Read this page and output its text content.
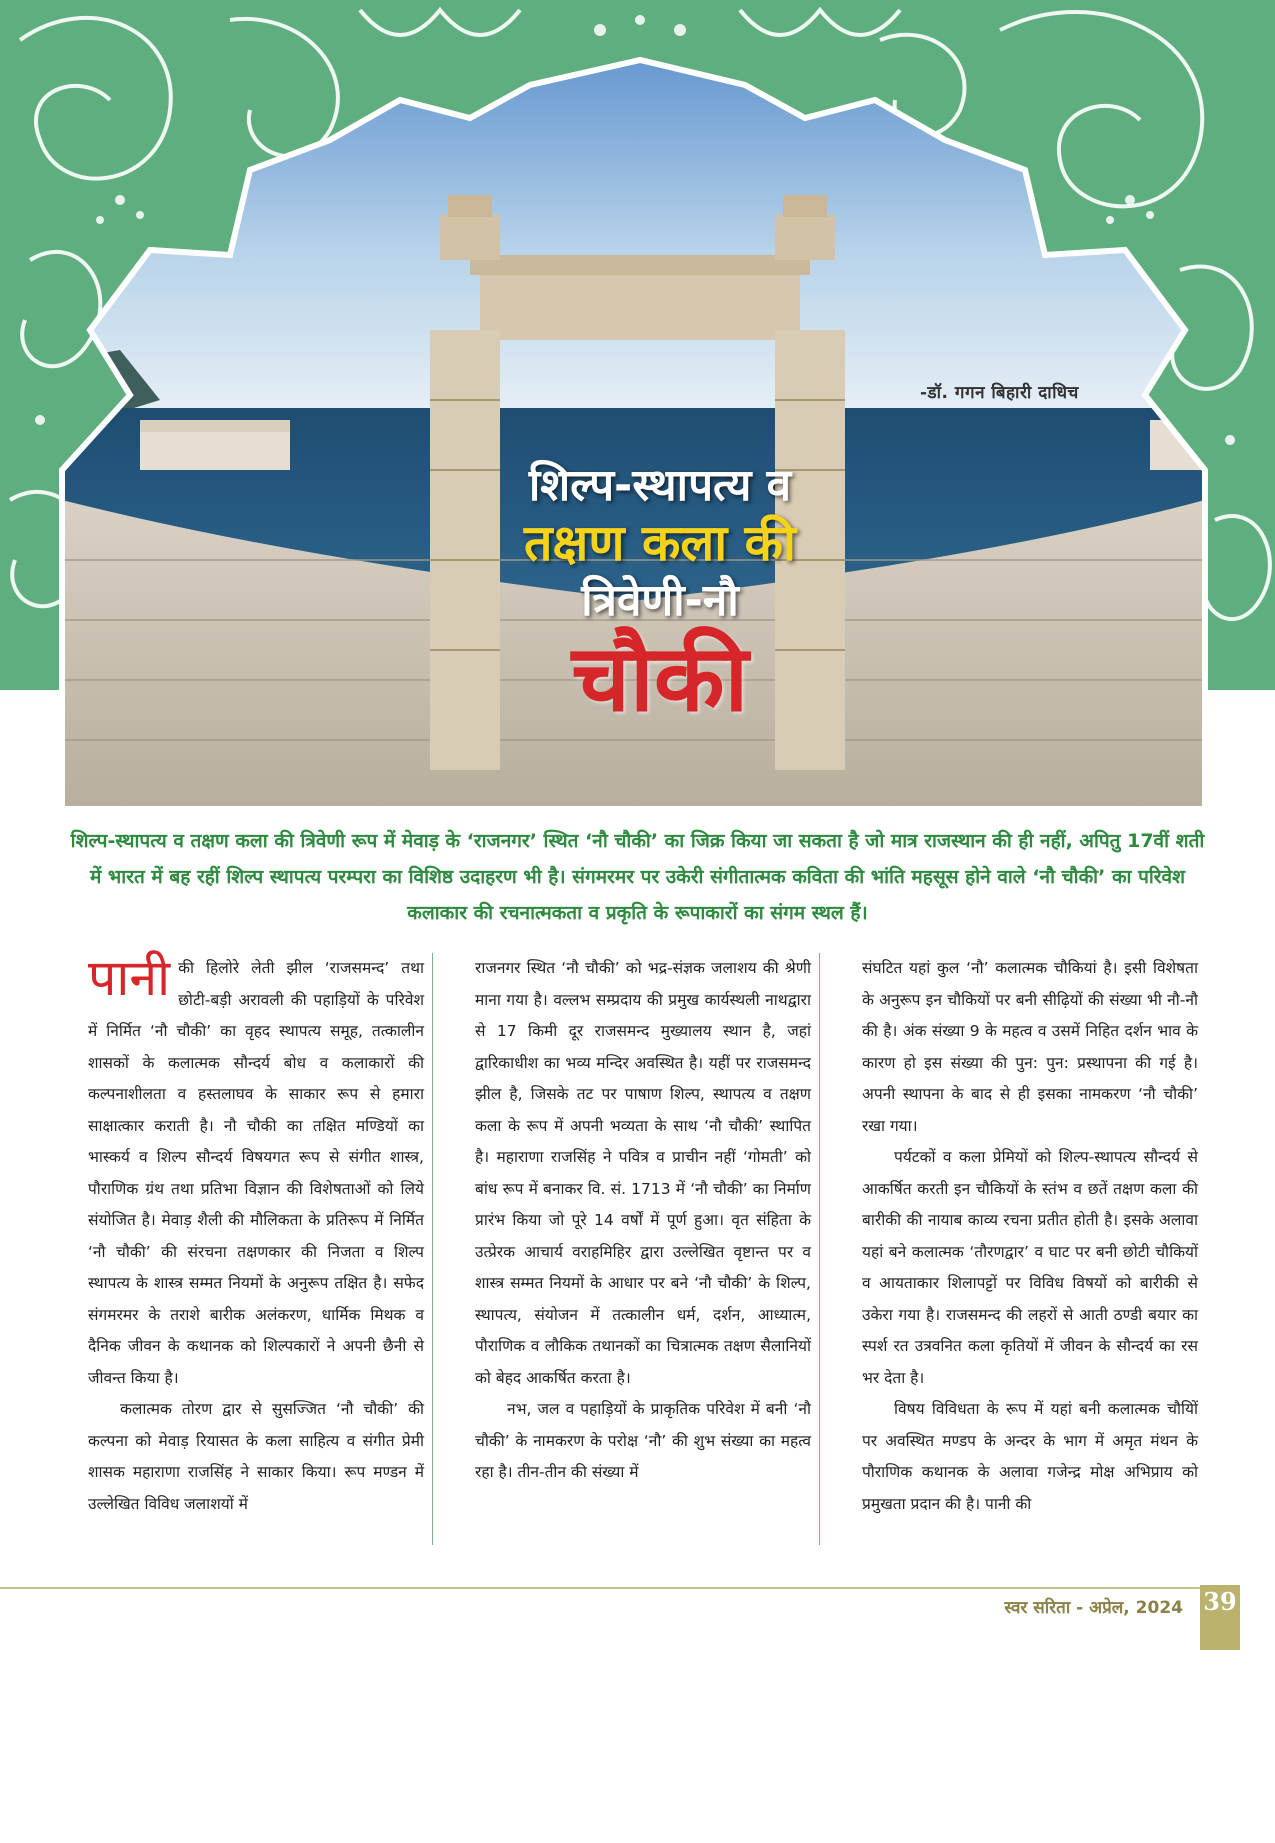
-डॉ. गगन बिहारी दाधिच
शिल्प-स्थापत्य व
तक्षण कला की
त्रिवेणी-नौ
चौकी
शिल्प-स्थापत्य व तक्षण कला की त्रिवेणी रूप में मेवाड़ के ‘राजनगर’ स्थित ‘नौ चौकी’ का जिक्र किया जा सकता है जो मात्र राजस्थान की ही नहीं, अपितु 17वीं शती में भारत में बह रहीं शिल्प स्थापत्य परम्परा का विशिष्ठ उदाहरण भी है। संगमरमर पर उकेरी संगीतात्मक कविता की भांति महसूस होने वाले ‘नौ चौकी’ का परिवेश कलाकार की रचनात्मकता व प्रकृति के रूपाकारों का संगम स्थल हैं।

पानी की हिलोरे लेती झील ‘राजसमन्द’ तथा छोटी-बड़ी अरावली की पहाड़ियों के परिवेश में निर्मित ‘नौ चौकी’ का वृहद स्थापत्य समूह, तत्कालीन शासकों के कलात्मक सौन्दर्य बोध व कलाकारों की कल्पनाशीलता व हस्तलाघव के साकार रूप से हमारा साक्षात्कार कराती है। नौ चौकी का तक्षित मण्डियों का भास्कर्य व शिल्प सौन्दर्य विषयगत रूप से संगीत शास्त्र, पौराणिक ग्रंथ तथा प्रतिभा विज्ञान की विशेषताओं को लिये संयोजित है। मेवाड़ शैली की मौलिकता के प्रतिरूप में निर्मित ‘नौ चौकी’ की संरचना तक्षणकार की निजता व शिल्प स्थापत्य के शास्त्र सम्मत नियमों के अनुरूप तक्षित है। सफेद संगमरमर के तराशे बारीक अलंकरण, धार्मिक मिथक व दैनिक जीवन के कथानक को शिल्पकारों ने अपनी छैनी से जीवन्त किया है।

कलात्मक तोरण द्वार से सुसज्जित ‘नौ चौकी’ की कल्पना को मेवाड़ रियासत के कला साहित्य व संगीत प्रेमी शासक महाराणा राजसिंह ने साकार किया। रूप मण्डन में उल्लेखित विविध जलाशयों में

राजनगर स्थित ‘नौ चौकी’ को भद्र-संज्ञक जलाशय की श्रेणी माना गया है। वल्लभ सम्प्रदाय की प्रमुख कार्यस्थली नाथद्वारा से 17 किमी दूर राजसमन्द मुख्यालय स्थान है, जहां द्वारिकाधीश का भव्य मन्दिर अवस्थित है। यहीं पर राजसमन्द झील है, जिसके तट पर पाषाण शिल्प, स्थापत्य व तक्षण कला के रूप में अपनी भव्यता के साथ ‘नौ चौकी’ स्थापित है। महाराणा राजसिंह ने पवित्र व प्राचीन नहीं ‘गोमती’ को बांध रूप में बनाकर वि. सं. 1713 में ‘नौ चौकी’ का निर्माण प्रारंभ किया जो पूरे 14 वर्षों में पूर्ण हुआ। वृत संहिता के उत्प्रेरक आचार्य वराहमिहिर द्वारा उल्लेखित वृष्टान्त पर व शास्त्र सम्मत नियमों के आधार पर बने ‘नौ चौकी’ के शिल्प, स्थापत्य, संयोजन में तत्कालीन धर्म, दर्शन, आध्यात्म, पौराणिक व लौकिक तथानकों का चित्रात्मक तक्षण सैलानियों को बेहद आकर्षित करता है।

नभ, जल व पहाड़ियों के प्राकृतिक परिवेश में बनी ‘नौ चौकी’ के नामकरण के परोक्ष ‘नौ’ की शुभ संख्या का महत्व रहा है। तीन-तीन की संख्या में

संघटित यहां कुल ‘नौ’ कलात्मक चौकियां है। इसी विशेषता के अनुरूप इन चौकियों पर बनी सीढ़ियों की संख्या भी नौ-नौ की है। अंक संख्या 9 के महत्व व उसमें निहित दर्शन भाव के कारण हो इस संख्या की पुन: पुन: प्रस्थापना की गई है। अपनी स्थापना के बाद से ही इसका नामकरण ‘नौ चौकी’ रखा गया।

पर्यटकों व कला प्रेमियों को शिल्प-स्थापत्य सौन्दर्य से आकर्षित करती इन चौकियों के स्तंभ व छतें तक्षण कला की बारीकी की नायाब काव्य रचना प्रतीत होती है। इसके अलावा यहां बने कलात्मक ‘तौरणद्वार’ व घाट पर बनी छोटी चौकियों व आयताकार शिलापट्टों पर विविध विषयों को बारीकी से उकेरा गया है। राजसमन्द की लहरों से आती ठण्डी बयार का स्पर्श रत उत्रवनित कला कृतियों में जीवन के सौन्दर्य का रस भर देता है।

विषय विविधता के रूप में यहां बनी कलात्मक चौयिों पर अवस्थित मण्डप के अन्दर के भाग में अमृत मंथन के पौराणिक कथानक के अलावा गजेन्द्र मोक्ष अभिप्राय को प्रमुखता प्रदान की है। पानी की

स्वर सरिता - अप्रेल, 2024 39
